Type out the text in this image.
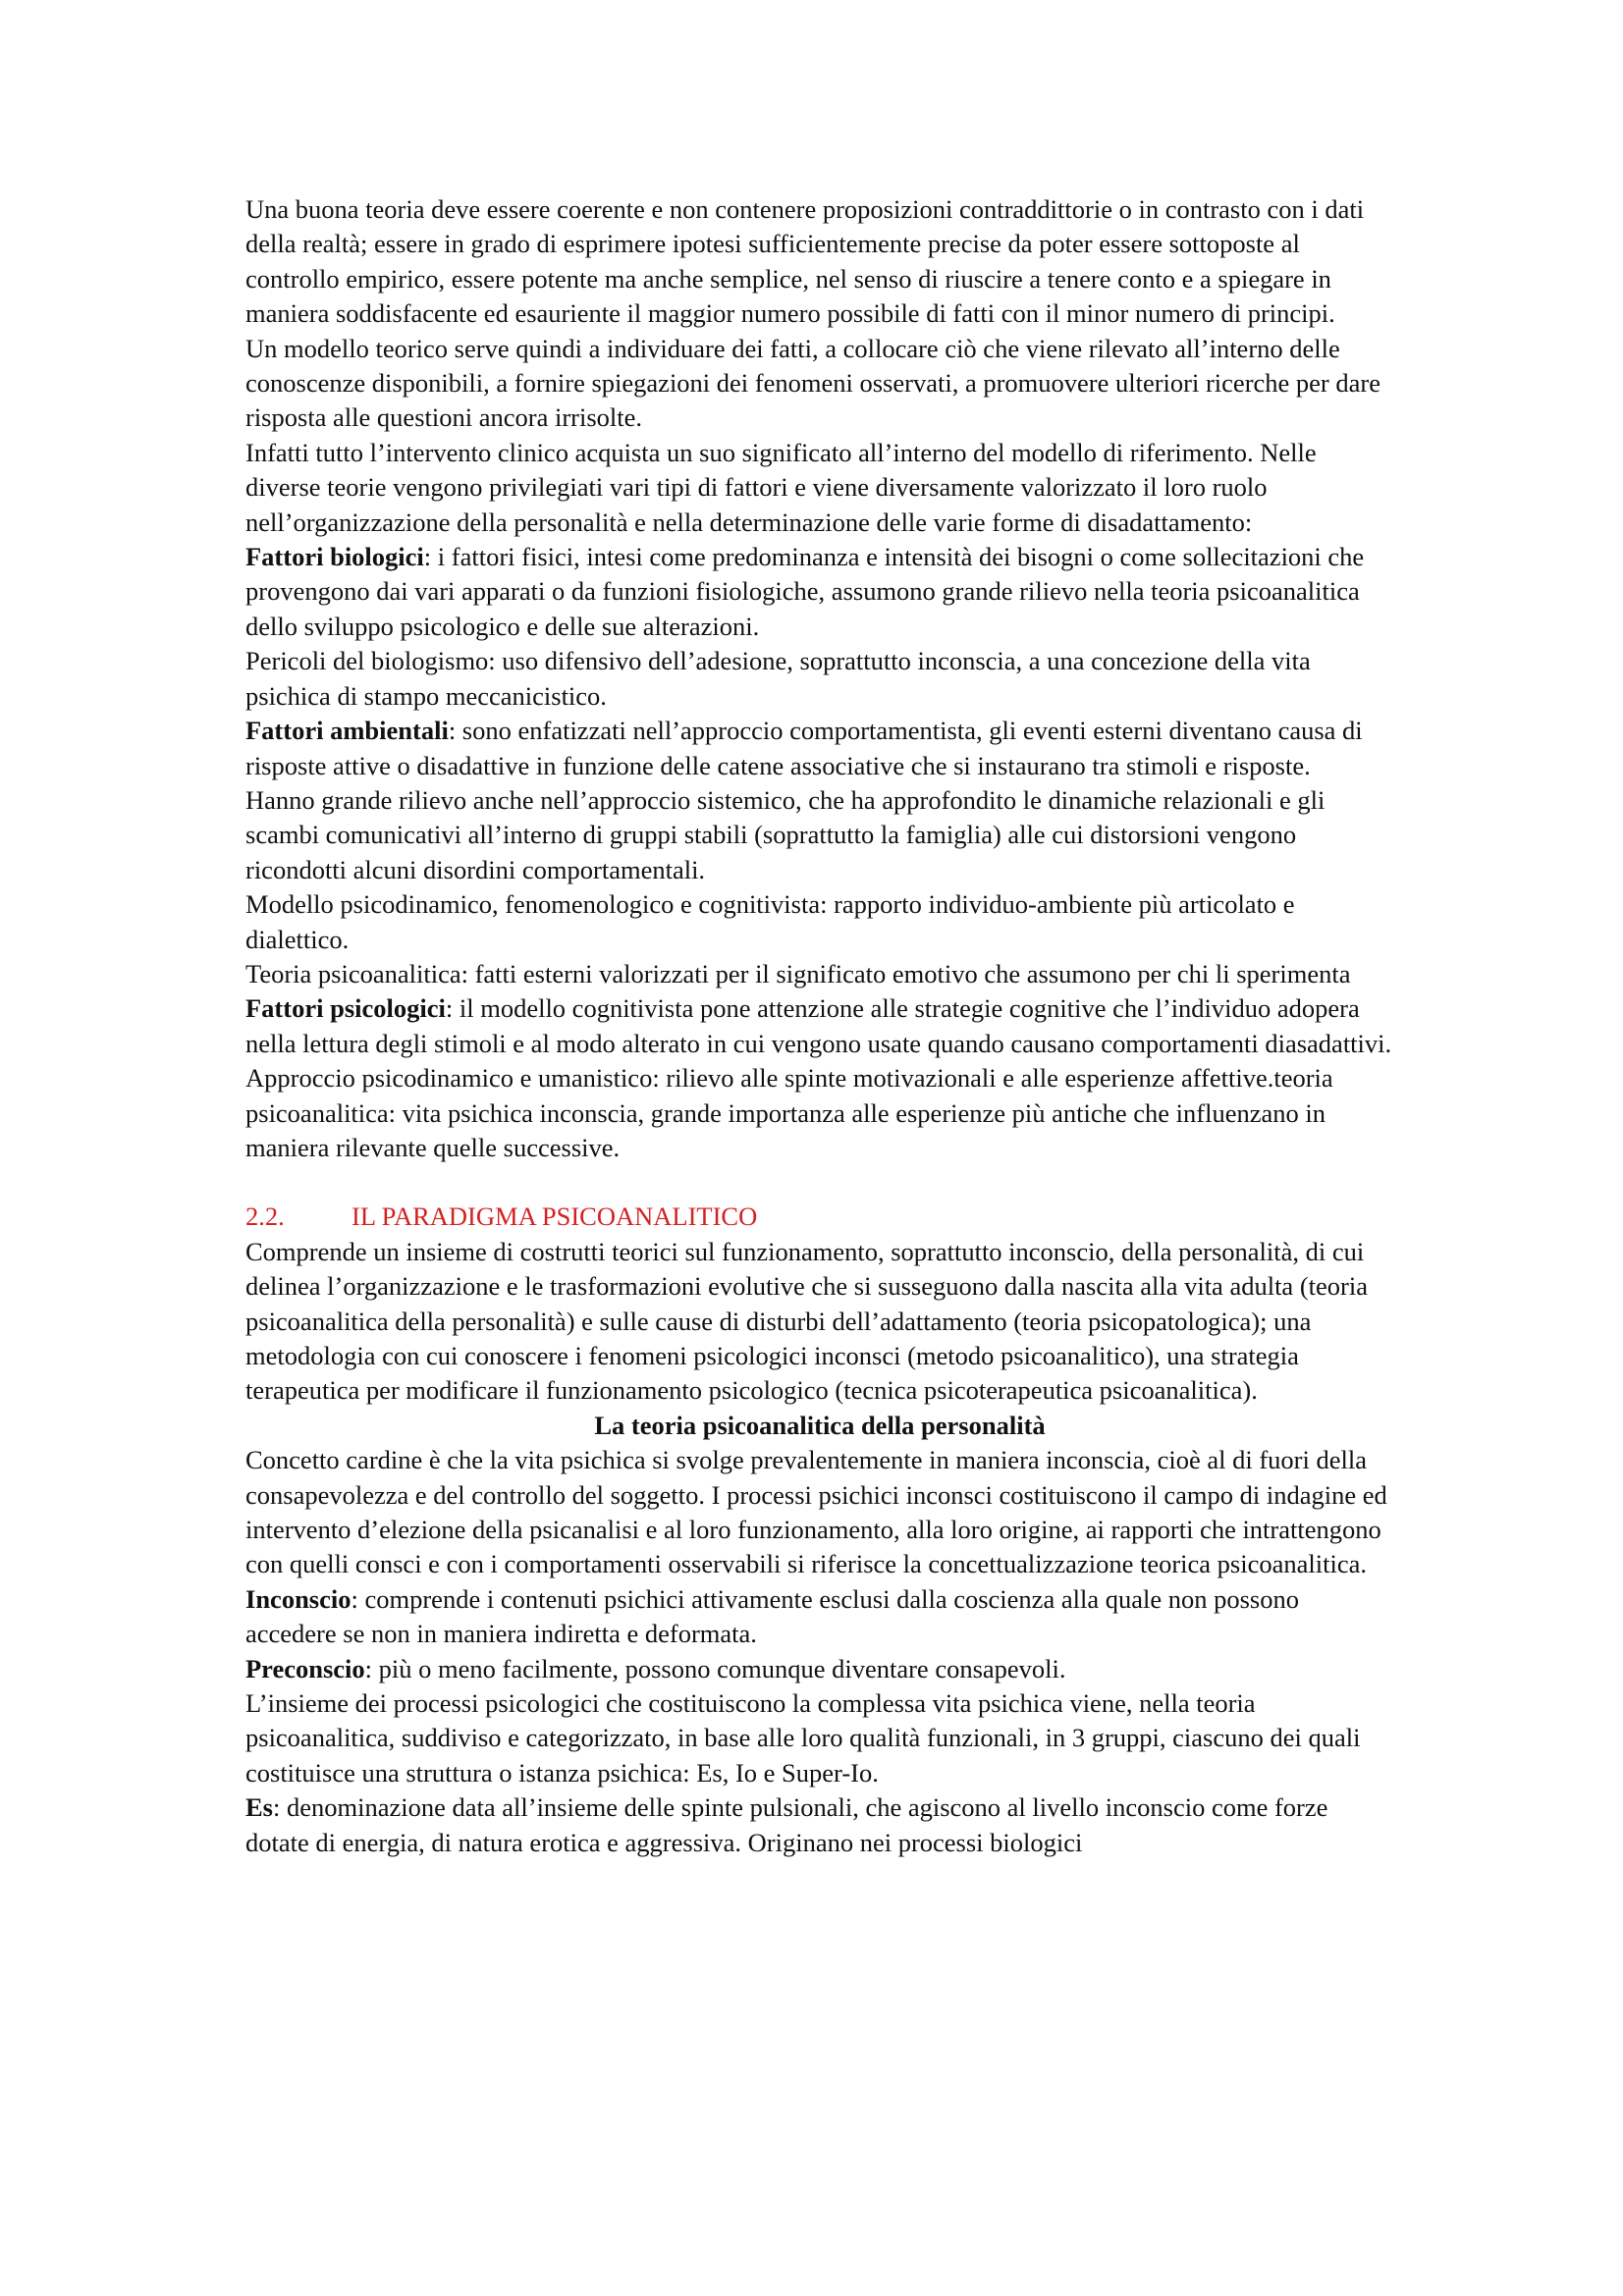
Una buona teoria deve essere coerente e non contenere proposizioni contraddittorie o in contrasto con i dati della realtà; essere in grado di esprimere ipotesi sufficientemente precise da poter essere sottoposte al controllo empirico, essere potente ma anche semplice, nel senso di riuscire a tenere conto e a spiegare in maniera soddisfacente ed esauriente il maggior numero possibile di fatti con il minor numero di principi.

Un modello teorico serve quindi a individuare dei fatti, a collocare ciò che viene rilevato all’interno delle conoscenze disponibili, a fornire spiegazioni dei fenomeni osservati, a promuovere ulteriori ricerche per dare risposta alle questioni ancora irrisolte.

Infatti tutto l’intervento clinico acquista un suo significato all’interno del modello di riferimento. Nelle diverse teorie vengono privilegiati vari tipi di fattori e viene diversamente valorizzato il loro ruolo nell’organizzazione della personalità e nella determinazione delle varie forme di disadattamento:

Fattori biologici: i fattori fisici, intesi come predominanza e intensità dei bisogni o come sollecitazioni che provengono dai vari apparati o da funzioni fisiologiche, assumono grande rilievo nella teoria psicoanalitica dello sviluppo psicologico e delle sue alterazioni.

Pericoli del biologismo: uso difensivo dell’adesione, soprattutto inconscia, a una concezione della vita psichica di stampo meccanicistico.

Fattori ambientali: sono enfatizzati nell’approccio comportamentista, gli eventi esterni diventano causa di risposte attive o disadattive in funzione delle catene associative che si instaurano tra stimoli e risposte.

Hanno grande rilievo anche nell’approccio sistemico, che ha approfondito le dinamiche relazionali e gli scambi comunicativi all’interno di gruppi stabili (soprattutto la famiglia) alle cui distorsioni vengono ricondotti alcuni disordini comportamentali.

Modello psicodinamico, fenomenologico e cognitivista: rapporto individuo-ambiente più articolato e dialettico.

Teoria psicoanalitica: fatti esterni valorizzati per il significato emotivo che assumono per chi li sperimenta

Fattori psicologici: il modello cognitivista pone attenzione alle strategie cognitive che l’individuo adopera nella lettura degli stimoli e al modo alterato in cui vengono usate quando causano comportamenti diasadattivi.

Approccio psicodinamico e umanistico: rilievo alle spinte motivazionali e alle esperienze affettive.teoria psicoanalitica: vita psichica inconscia, grande importanza alle esperienze più antiche che influenzano in maniera rilevante quelle successive.

2.2.	IL PARADIGMA PSICOANALITICO

Comprende un insieme di costrutti teorici sul funzionamento, soprattutto inconscio, della personalità, di cui delinea l’organizzazione e le trasformazioni evolutive che si susseguono dalla nascita alla vita adulta (teoria psicoanalitica della personalità) e sulle cause di disturbi dell’adattamento (teoria psicopatologica); una metodologia con cui conoscere i fenomeni psicologici inconsci (metodo psicoanalitico), una strategia terapeutica per modificare il funzionamento psicologico (tecnica psicoterapeutica psicoanalitica).

La teoria psicoanalitica della personalità

Concetto cardine è che la vita psichica si svolge prevalentemente in maniera inconscia, cioè al di fuori della consapevolezza e del controllo del soggetto. I processi psichici inconsci costituiscono il campo di indagine ed intervento d’elezione della psicanalisi e al loro funzionamento, alla loro origine, ai rapporti che intrattengono con quelli consci e con i comportamenti osservabili si riferisce la concettualizzazione teorica psicoanalitica.

Inconscio: comprende i contenuti psichici attivamente esclusi dalla coscienza alla quale non possono accedere se non in maniera indiretta e deformata.

Preconscio: più o meno facilmente, possono comunque diventare consapevoli.

L’insieme dei processi psicologici che costituiscono la complessa vita psichica viene, nella teoria psicoanalitica, suddiviso e categorizzato, in base alle loro qualità funzionali, in 3 gruppi, ciascuno dei quali costituisce una struttura o istanza psichica: Es, Io e Super-Io.

Es: denominazione data all’insieme delle spinte pulsionali, che agiscono al livello inconscio come forze dotate di energia, di natura erotica e aggressiva. Originano nei processi biologici
